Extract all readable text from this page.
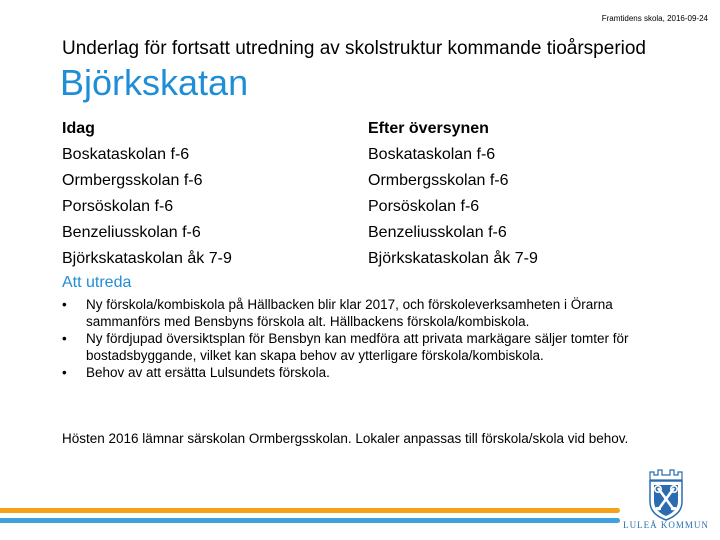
Framtidens skola, 2016-09-24
Underlag för fortsatt utredning av skolstruktur kommande tioårsperiod
Björkskatan
Idag
Boskataskolan f-6
Ormbergsskolan f-6
Porsöskolan f-6
Benzeliusskolan f-6
Björkskataskolan åk 7-9
Efter översynen
Boskataskolan f-6
Ormbergsskolan f-6
Porsöskolan f-6
Benzeliusskolan f-6
Björkskataskolan åk 7-9
Att utreda
• Ny förskola/kombiskola på Hällbacken blir klar 2017, och förskoleverksamheten i Örarna sammanförs med Bensbyns förskola alt. Hällbackens förskola/kombiskola.
• Ny fördjupad översiktsplan för Bensbyn kan medföra att privata markägare säljer tomter för bostadsbyggande, vilket kan skapa behov av ytterligare förskola/kombiskola.
• Behov av att ersätta Lulsundets förskola.
Hösten 2016 lämnar särskolan Ormbergsskolan. Lokaler anpassas till förskola/skola vid behov.
LULEÅ KOMMUN
